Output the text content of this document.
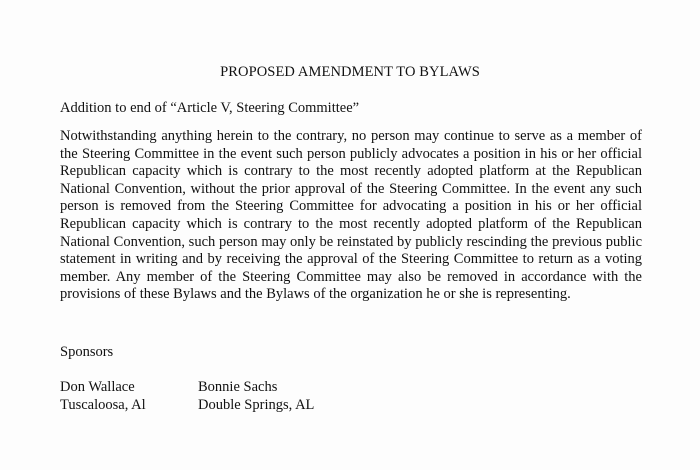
PROPOSED AMENDMENT TO BYLAWS
Addition to end of “Article V, Steering Committee”
Notwithstanding anything herein to the contrary, no person may continue to serve as a member of the Steering Committee in the event such person publicly advocates a position in his or her official Republican capacity which is contrary to the most recently adopted platform at the Republican National Convention, without the prior approval of the Steering Committee. In the event any such person is removed from the Steering Committee for advocating a position in his or her official Republican capacity which is contrary to the most recently adopted platform of the Republican National Convention, such person may only be reinstated by publicly rescinding the previous public statement in writing and by receiving the approval of the Steering Committee to return as a voting member. Any member of the Steering Committee may also be removed in accordance with the provisions of these Bylaws and the Bylaws of the organization he or she is representing.
Sponsors
Don Wallace
Tuscaloosa, Al
Bonnie Sachs
Double Springs, AL
